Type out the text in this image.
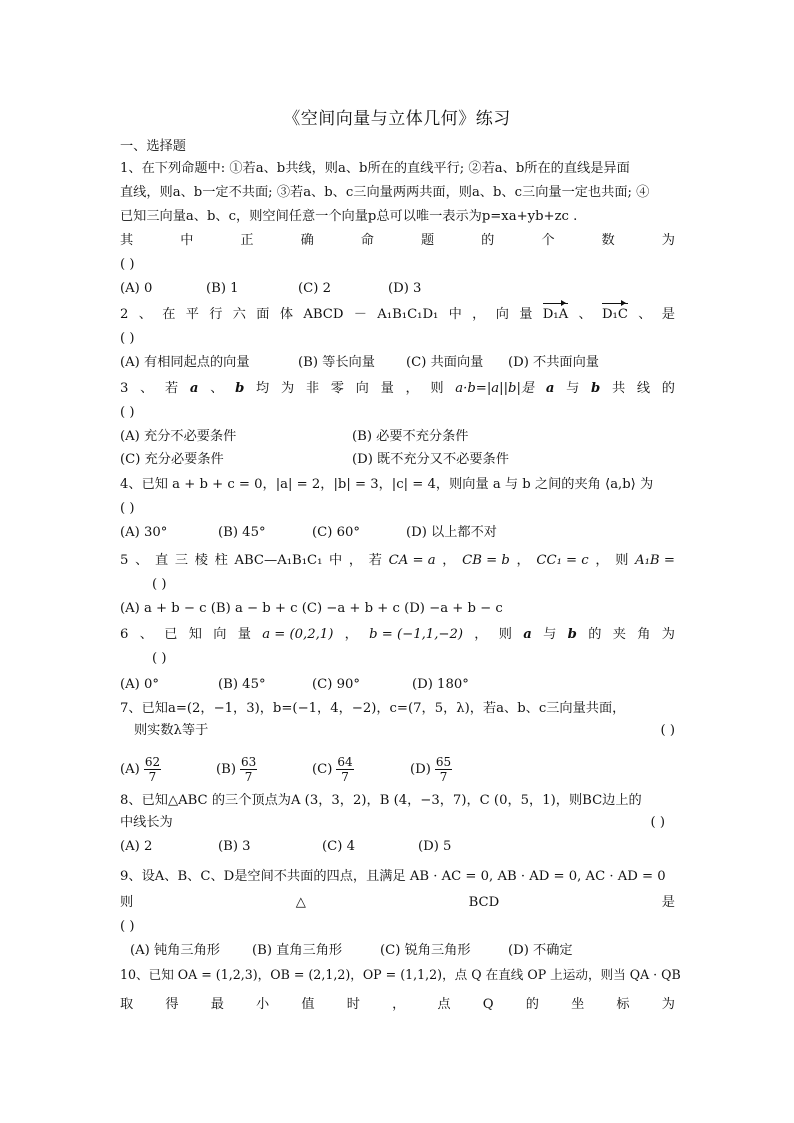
《空间向量与立体几何》练习
一、选择题
1、在下列命题中: ①若a、b共线，则a、b所在的直线平行; ②若a、b所在的直线是异面
直线，则a、b一定不共面; ③若a、b、c三向量两两共面，则a、b、c三向量一定也共面; ④
已知三向量a、b、c，则空间任意一个向量p总可以唯一表示为p=xa+yb+zc .
其	中	正	确	命	题	的	个	数	为
( )
(A) 0	(B) 1	(C) 2	(D) 3
2 、 在 平 行 六 面 体 ABCD － A₁B₁C₁D₁ 中 ， 向 量 D₁A 、 D₁C 、 是
( )
(A) 有相同起点的向量	(B) 等长向量	(C) 共面向量	(D) 不共面向量
3 、 若 a 、 b 均 为 非 零 向 量 ， 则 a·b=|a||b|是 a 与 b 共 线 的
( )
(A) 充分不必要条件	(B) 必要不充分条件
(C) 充分必要条件	(D) 既不充分又不必要条件
4、已知 a + b + c = 0，|a| = 2，|b| = 3，|c| = 4，则向量 a 与 b 之间的夹角 ⟨a,b⟩ 为
( )
(A) 30°	(B) 45°	(C) 60°	(D) 以上都不对
5 、 直 三 棱 柱 ABC—A₁B₁C₁ 中 ， 若 CA = a ， CB = b ， CC₁ = c ， 则 A₁B =
( )
(A) a + b − c (B) a − b + c (C) −a + b + c (D) −a + b − c
6 、 已 知 向 量 a = (0,2,1) ， b = (−1,1,−2) ， 则 a 与 b 的 夹 角 为
( )
(A) 0°	(B) 45°	(C) 90°	(D) 180°
7、已知a=(2，−1，3)，b=(−1，4，−2)，c=(7，5，λ)，若a、b、c三向量共面，
则实数λ等于	( )
$(A) \frac{62}{7}$	$(B) \frac{63}{7}$	$(C) \frac{64}{7}$	$(D) \frac{65}{7}$
8、已知△ABC 的三个顶点为A (3，3，2)，B (4，−3，7)，C (0，5，1)，则BC边上的
中线长为	( )
(A) 2	(B) 3	(C) 4	(D) 5
9、设A、B、C、D是空间不共面的四点，且满足 AB · AC = 0, AB · AD = 0, AC · AD = 0
则	△	BCD	是
( )
(A) 钝角三角形	(B) 直角三角形	(C) 锐角三角形	(D) 不确定
10、已知 OA = (1,2,3)，OB = (2,1,2)，OP = (1,1,2)，点 Q 在直线 OP 上运动，则当 QA · QB
取 得 最 小 值 时 ， 点 Q 的 坐 标 为
